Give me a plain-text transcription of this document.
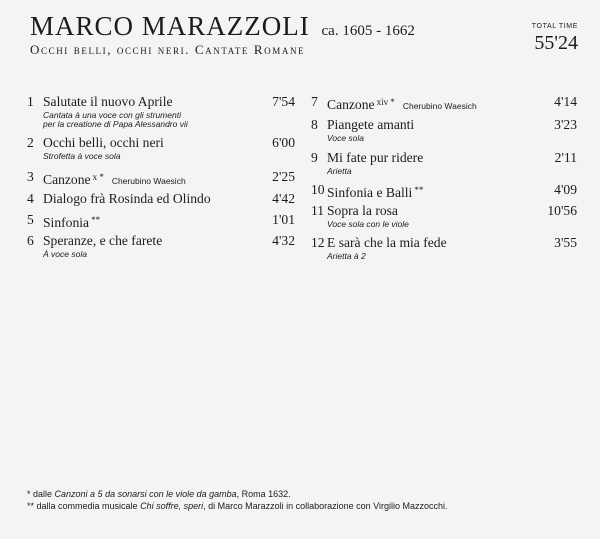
MARCO MARAZZOLI ca. 1605 - 1662
Occhi belli, occhi neri. Cantate Romane
TOTAL TIME
55'24
1 Salutate il nuovo Aprile	7'54
Cantata à una voce con gli strumenti
per la creatione di Papa Alessandro vii
2 Occhi belli, occhi neri	6'00
Strofetta à voce sola
3 Canzone $^{x *}$ Cherubino Waesich	2'25
4 Dialogo frà Rosinda ed Olindo	4'42
5 Sinfonia **	1'01
6 Speranze, e che farete	4'32
À voce sola
7 Canzone $^{xiv *}$ Cherubino Waesich	4'14
8 Piangete amanti	3'23
Voce sola
9 Mi fate pur ridere	2'11
Arietta
10 Sinfonia e Balli **	4'09
11 Sopra la rosa	10'56
Voce sola con le viole
12 E sarà che la mia fede	3'55
Arietta à 2
* dalle Canzoni a 5 da sonarsi con le viole da gamba, Roma 1632.
** dalla commedia musicale Chi soffre, speri, di Marco Marazzoli in collaborazione con Virgilio Mazzocchi.
